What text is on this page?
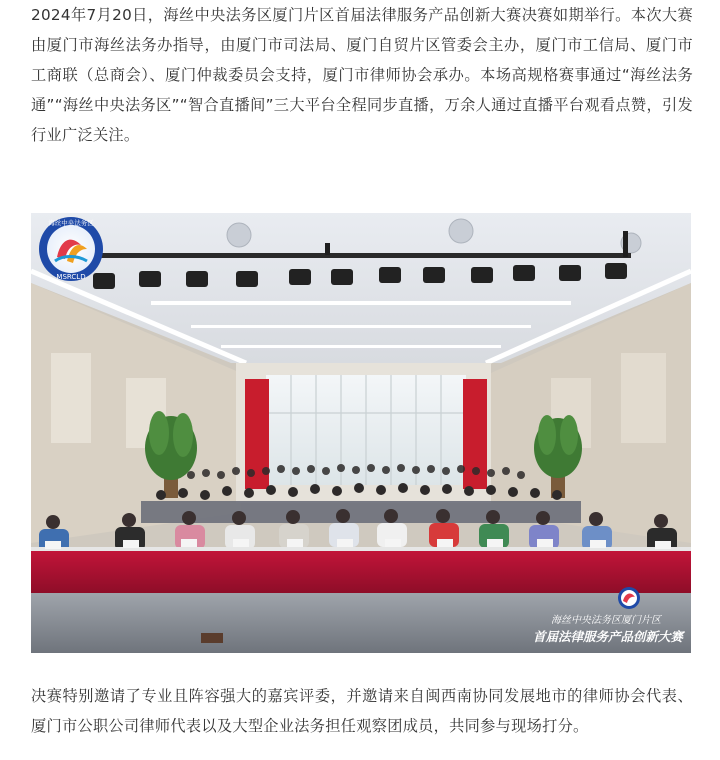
2024年7月20日，海丝中央法务区厦门片区首届法律服务产品创新大赛决赛如期举行。本次大赛由厦门市海丝法务办指导，由厦门市司法局、厦门自贸片区管委会主办，厦门市工信局、厦门市工商联（总商会）、厦门仲裁委员会支持，厦门市律师协会承办。本场高规格赛事通过“海丝法务通”“海丝中央法务区”“智合直播间”三大平台全程同步直播，万余人通过直播平台观看点赞，引发行业广泛关注。

海丝中央法务区
MSRCLD
海丝中央法务区厦门片区
首届法律服务产品创新大赛

决赛特别邀请了专业且阵容强大的嘉宾评委，并邀请来自闽西南协同发展地市的律师协会代表、厦门市公职公司律师代表以及大型企业法务担任观察团成员，共同参与现场打分。
